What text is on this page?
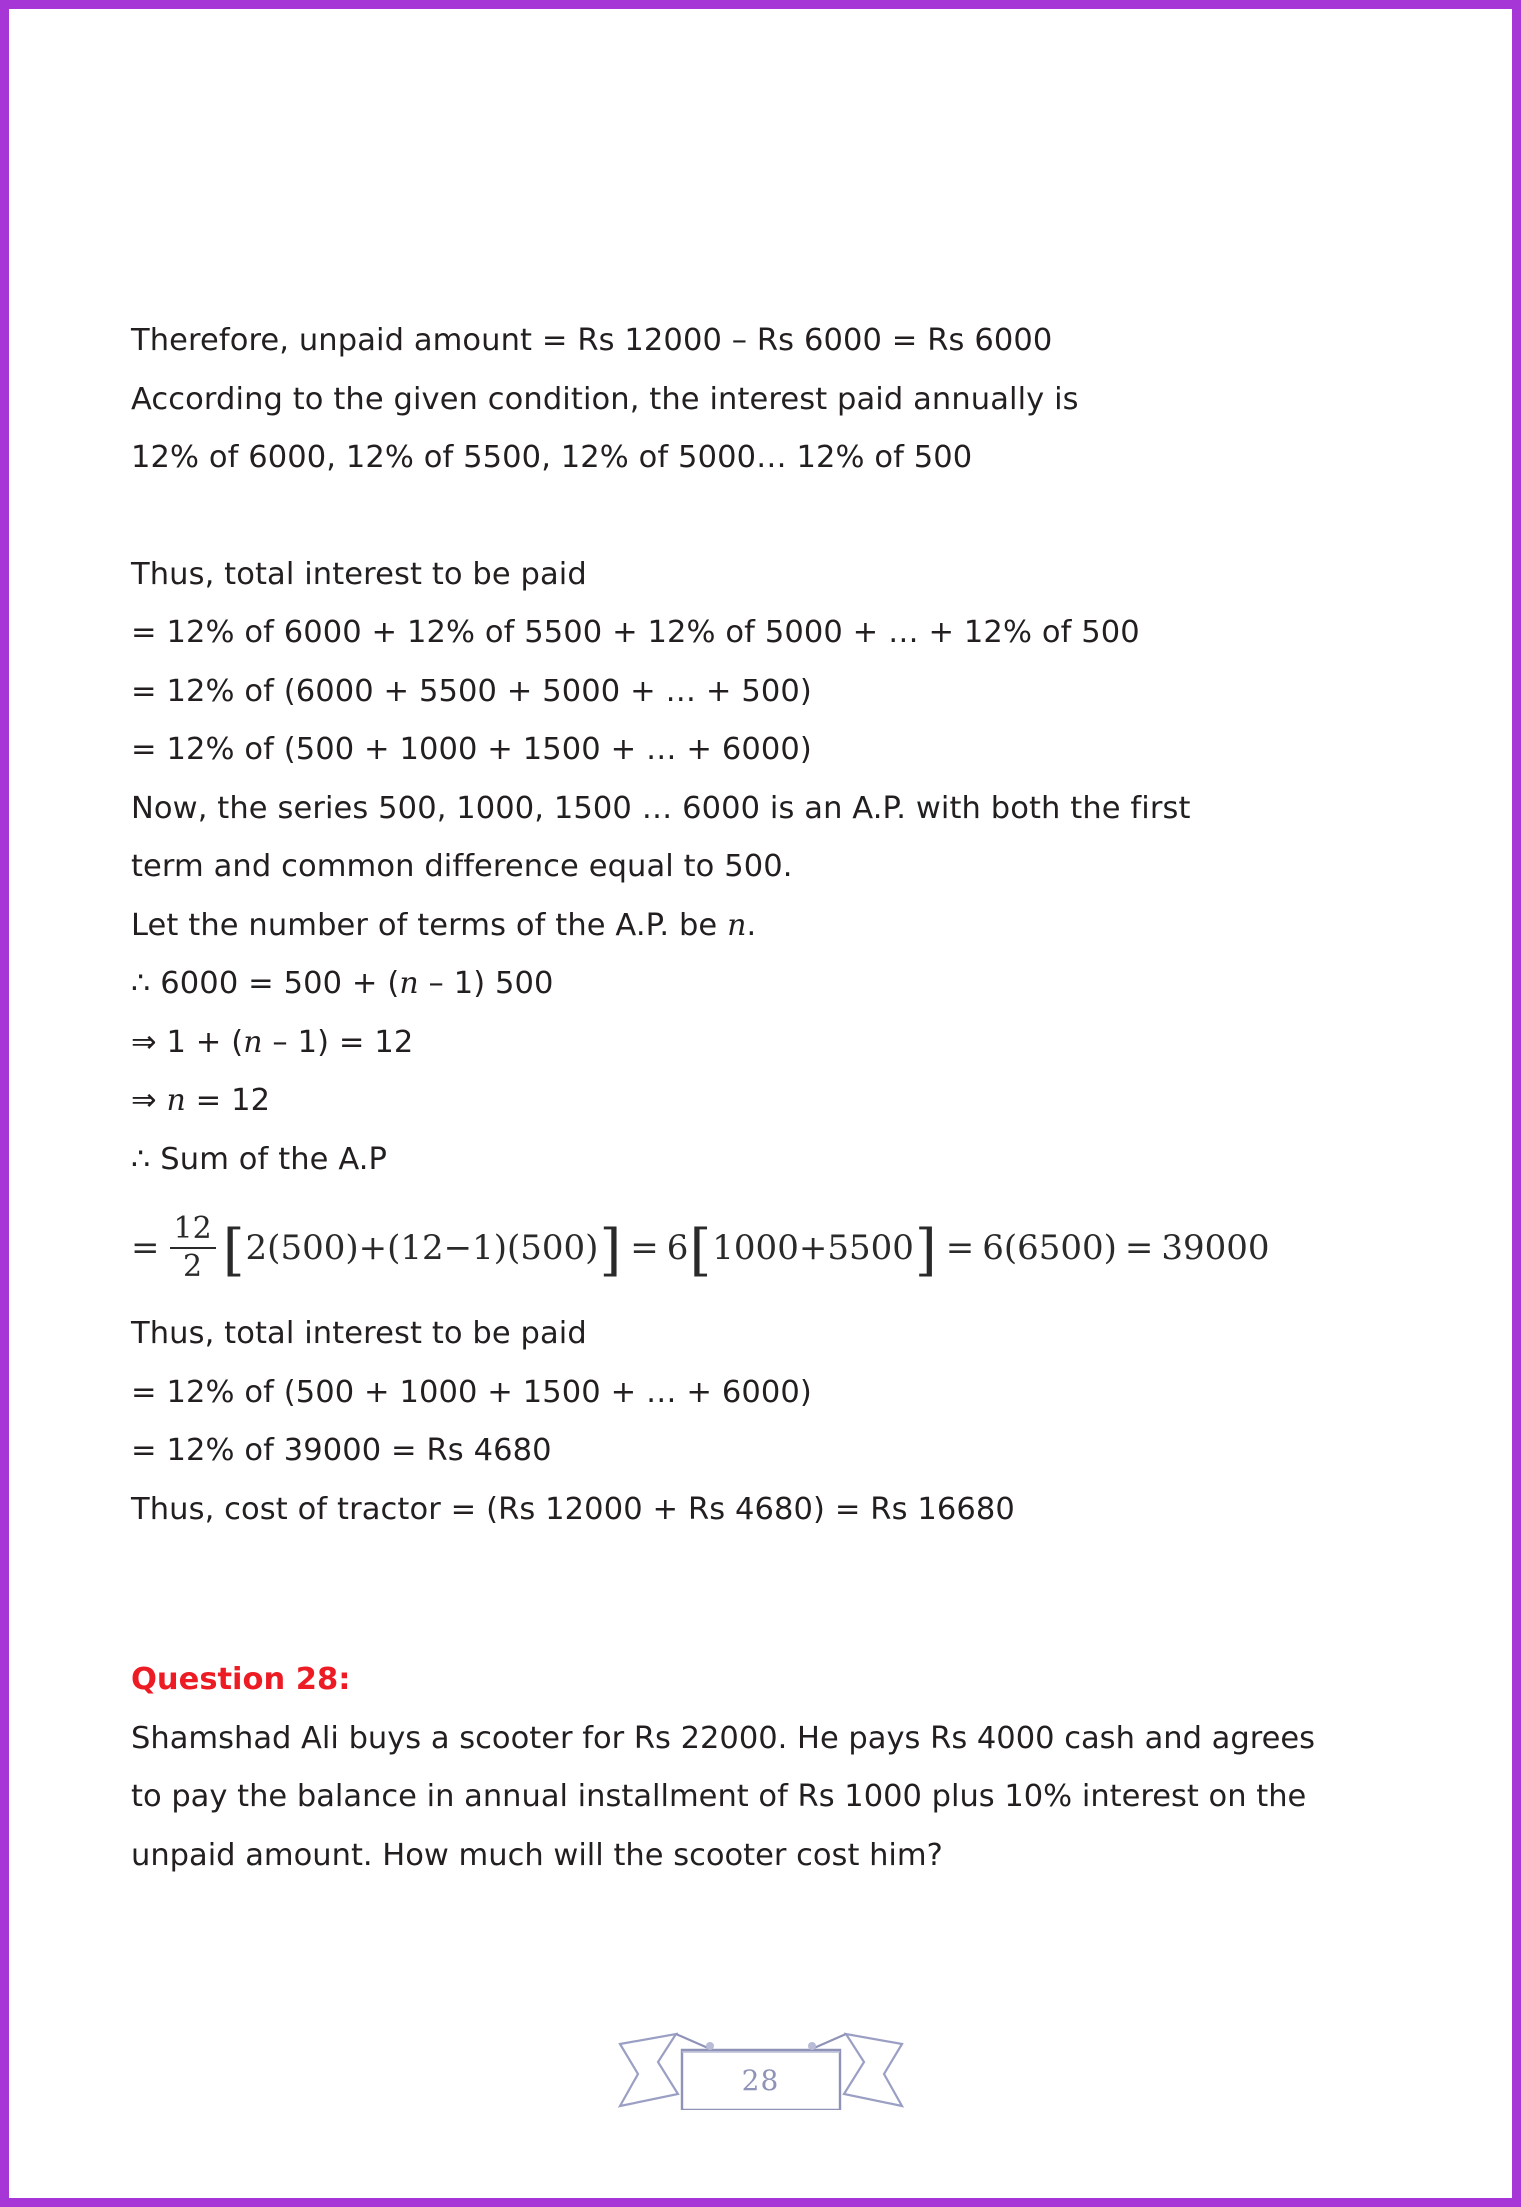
Therefore, unpaid amount = Rs 12000 – Rs 6000 = Rs 6000
According to the given condition, the interest paid annually is
12% of 6000, 12% of 5500, 12% of 5000… 12% of 500
Thus, total interest to be paid
= 12% of 6000 + 12% of 5500 + 12% of 5000 + … + 12% of 500
= 12% of (6000 + 5500 + 5000 + … + 500)
= 12% of (500 + 1000 + 1500 + … + 6000)
Now, the series 500, 1000, 1500 … 6000 is an A.P. with both the first
term and common difference equal to 500.
Let the number of terms of the A.P. be n.
∴ 6000 = 500 + (n – 1) 500
⇒ 1 + (n – 1) = 12
⇒ n = 12
∴ Sum of the A.P
= $\frac{12}{2}$ [ 2(500)+(12−1)(500) ] = 6 [ 1000+5500 ] = 6(6500) = 39000
Thus, total interest to be paid
= 12% of (500 + 1000 + 1500 + … + 6000)
= 12% of 39000 = Rs 4680
Thus, cost of tractor = (Rs 12000 + Rs 4680) = Rs 16680
Question 28:
Shamshad Ali buys a scooter for Rs 22000. He pays Rs 4000 cash and agrees
to pay the balance in annual installment of Rs 1000 plus 10% interest on the
unpaid amount. How much will the scooter cost him?
28
